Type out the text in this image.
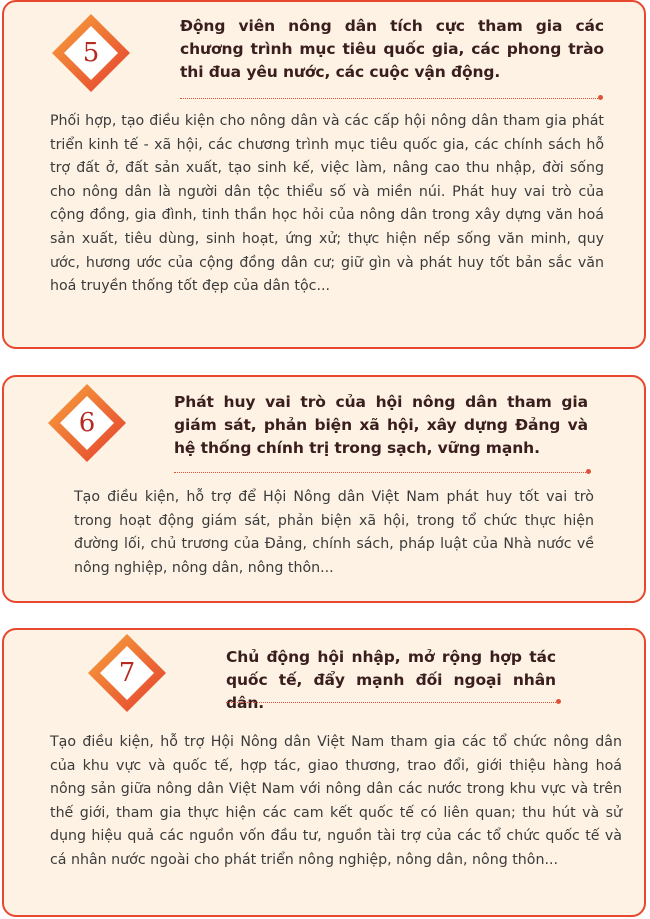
5
Động viên nông dân tích cực tham gia các chương trình mục tiêu quốc gia, các phong trào thi đua yêu nước, các cuộc vận động.
Phối hợp, tạo điều kiện cho nông dân và các cấp hội nông dân tham gia phát triển kinh tế - xã hội, các chương trình mục tiêu quốc gia, các chính sách hỗ trợ đất ở, đất sản xuất, tạo sinh kế, việc làm, nâng cao thu nhập, đời sống cho nông dân là người dân tộc thiểu số và miền núi. Phát huy vai trò của cộng đồng, gia đình, tinh thần học hỏi của nông dân trong xây dựng văn hoá sản xuất, tiêu dùng, sinh hoạt, ứng xử; thực hiện nếp sống văn minh, quy ước, hương ước của cộng đồng dân cư; giữ gìn và phát huy tốt bản sắc văn hoá truyền thống tốt đẹp của dân tộc...
6
Phát huy vai trò của hội nông dân tham gia giám sát, phản biện xã hội, xây dựng Đảng và hệ thống chính trị trong sạch, vững mạnh.
Tạo điều kiện, hỗ trợ để Hội Nông dân Việt Nam phát huy tốt vai trò trong hoạt động giám sát, phản biện xã hội, trong tổ chức thực hiện đường lối, chủ trương của Đảng, chính sách, pháp luật của Nhà nước về nông nghiệp, nông dân, nông thôn...
7
Chủ động hội nhập, mở rộng hợp tác quốc tế, đẩy mạnh đối ngoại nhân dân.
Tạo điều kiện, hỗ trợ Hội Nông dân Việt Nam tham gia các tổ chức nông dân của khu vực và quốc tế, hợp tác, giao thương, trao đổi, giới thiệu hàng hoá nông sản giữa nông dân Việt Nam với nông dân các nước trong khu vực và trên thế giới, tham gia thực hiện các cam kết quốc tế có liên quan; thu hút và sử dụng hiệu quả các nguồn vốn đầu tư, nguồn tài trợ của các tổ chức quốc tế và cá nhân nước ngoài cho phát triển nông nghiệp, nông dân, nông thôn...
